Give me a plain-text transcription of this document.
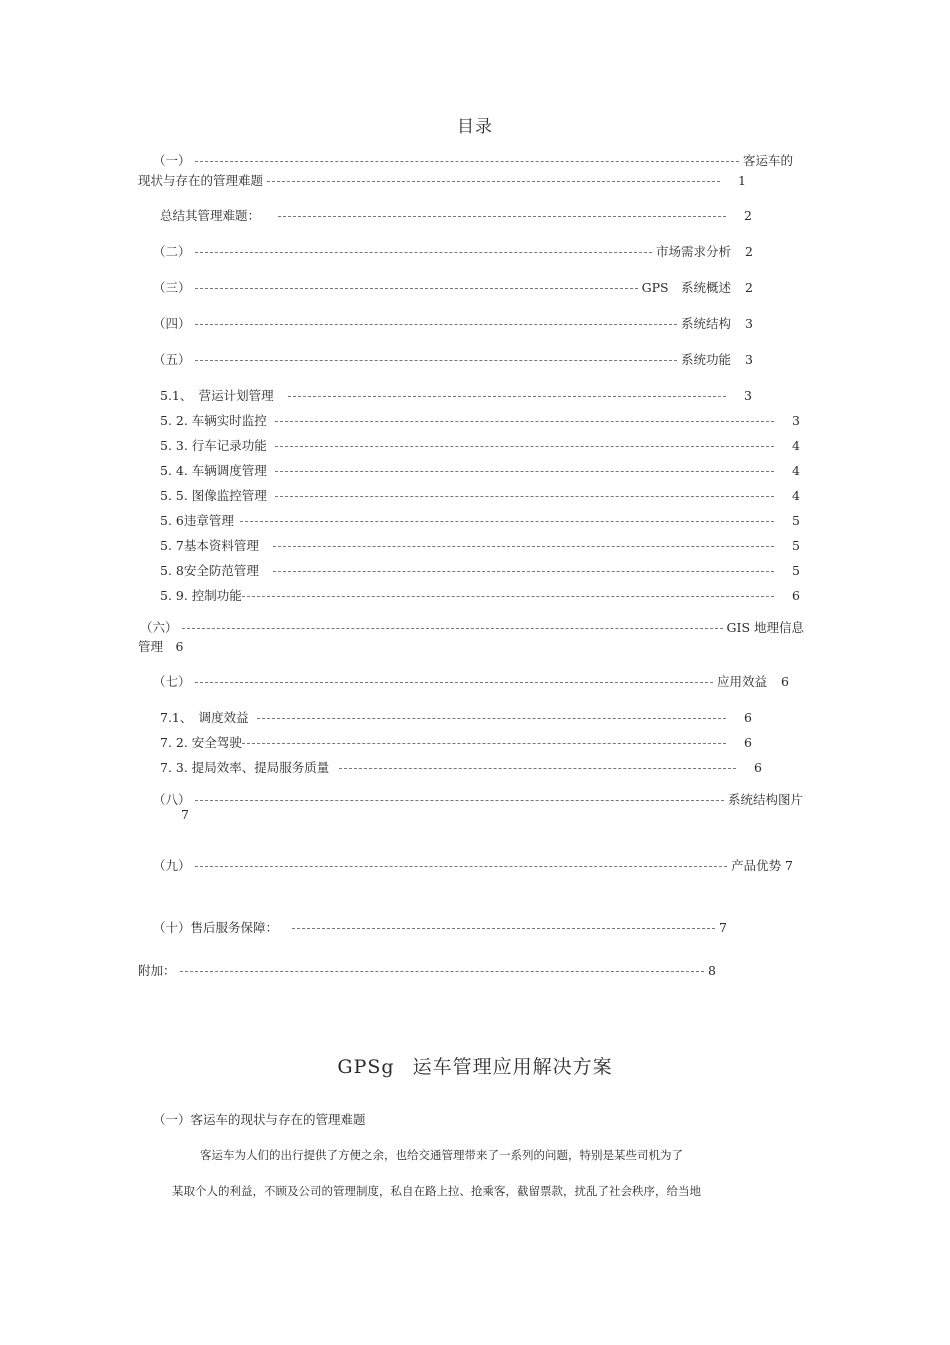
目录
（一）	客运车的
现状与存在的管理难题	1
总结其管理难题：	2
（二）	市场需求分析 2
（三）	GPS　系统概述 2
（四）	系统结构 3
（五）	系统功能 3
5.1、　营运计划管理	3
5. 2. 车辆实时监控	3
5. 3. 行车记录功能	4
5. 4. 车辆调度管理	4
5. 5. 图像监控管理	4
5. 6违章管理	5
5. 7基本资料管理	5
5. 8安全防范管理	5
5. 9. 控制功能	6
（六）	GIS 地理信息
管理　6
（七）	应用效益 6
7.1、　调度效益	6
7. 2. 安全驾驶	6
7. 3. 提局效率、提局服务质量	6
（八）	系统结构图片
7
（九）	产品优势 7
（十）售后服务保障：	7
附加：	8
GPSg 运车管理应用解决方案
（一）客运车的现状与存在的管理难题
客运车为人们的出行提供了方便之余，也给交通管理带来了一系列的问题，特别是某些司机为了
某取个人的利益，不顾及公司的管理制度，私自在路上拉、抢乘客，截留票款，扰乱了社会秩序，给当地
